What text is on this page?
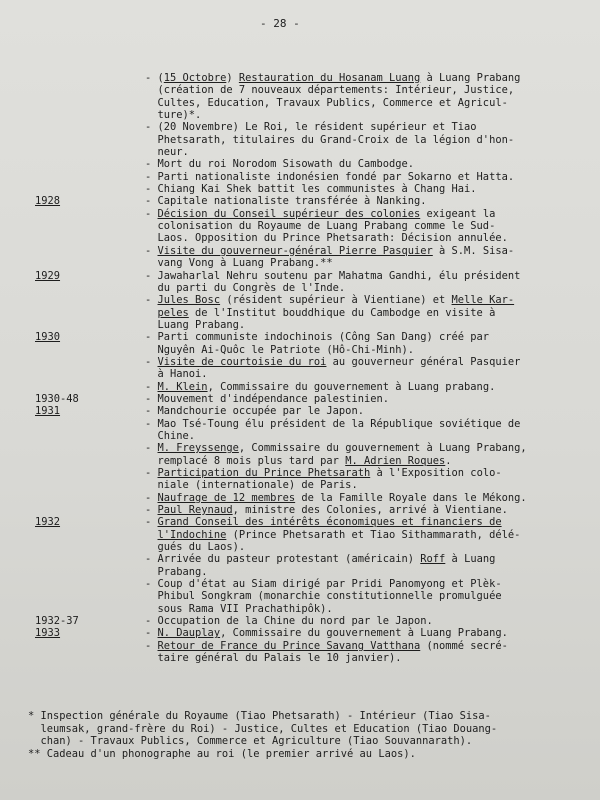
- 28 -
- (15 Octobre) Restauration du Hosanam Luang à Luang Prabang
(création de 7 nouveaux départements: Intérieur, Justice,
Cultes, Education, Travaux Publics, Commerce et Agricul-
ture)*.
- (20 Novembre) Le Roi, le résident supérieur et Tiao
Phetsarath, titulaires du Grand-Croix de la légion d'hon-
neur.
- Mort du roi Norodom Sisowath du Cambodge.
- Parti nationaliste indonésien fondé par Sokarno et Hatta.
- Chiang Kai Shek battit les communistes à Chang Hai.
1928	- Capitale nationaliste transférée à Nanking.
- Décision du Conseil supérieur des colonies exigeant la
colonisation du Royaume de Luang Prabang comme le Sud-
Laos. Opposition du Prince Phetsarath: Décision annulée.
- Visite du gouverneur-général Pierre Pasquier à S.M. Sisa-
vang Vong à Luang Prabang.**
1929	- Jawaharlal Nehru soutenu par Mahatma Gandhi, élu président
du parti du Congrès de l'Inde.
- Jules Bosc (résident supérieur à Vientiane) et Melle Kar-
peles de l'Institut bouddhique du Cambodge en visite à
Luang Prabang.
1930	- Parti communiste indochinois (Công San Dang) créé par
Nguyên Ai-Quôc le Patriote (Hô-Chi-Minh).
- Visite de courtoisie du roi au gouverneur général Pasquier
à Hanoi.
- M. Klein, Commissaire du gouvernement à Luang prabang.
1930-48	- Mouvement d'indépendance palestinien.
1931	- Mandchourie occupée par le Japon.
- Mao Tsé-Toung élu président de la République soviétique de
Chine.
- M. Freyssenge, Commissaire du gouvernement à Luang Prabang,
remplacé 8 mois plus tard par M. Adrien Roques.
- Participation du Prince Phetsarath à l'Exposition colo-
niale (internationale) de Paris.
- Naufrage de 12 membres de la Famille Royale dans le Mékong.
- Paul Reynaud, ministre des Colonies, arrivé à Vientiane.
1932	- Grand Conseil des intérêts économiques et financiers de
l'Indochine (Prince Phetsarath et Tiao Sithammarath, délé-
gués du Laos).
- Arrivée du pasteur protestant (américain) Roff à Luang
Prabang.
- Coup d'état au Siam dirigé par Pridi Panomyong et Plèk-
Phibul Songkram (monarchie constitutionnelle promulguée
sous Rama VII Prachathipôk).
1932-37	- Occupation de la Chine du nord par le Japon.
1933	- N. Dauplay, Commissaire du gouvernement à Luang Prabang.
- Retour de France du Prince Savang Vatthana (nommé secré-
taire général du Palais le 10 janvier).
* Inspection générale du Royaume (Tiao Phetsarath) - Intérieur (Tiao Sisa-
leumsak, grand-frère du Roi) - Justice, Cultes et Education (Tiao Douang-
chan) - Travaux Publics, Commerce et Agriculture (Tiao Souvannarath).
** Cadeau d'un phonographe au roi (le premier arrivé au Laos).
